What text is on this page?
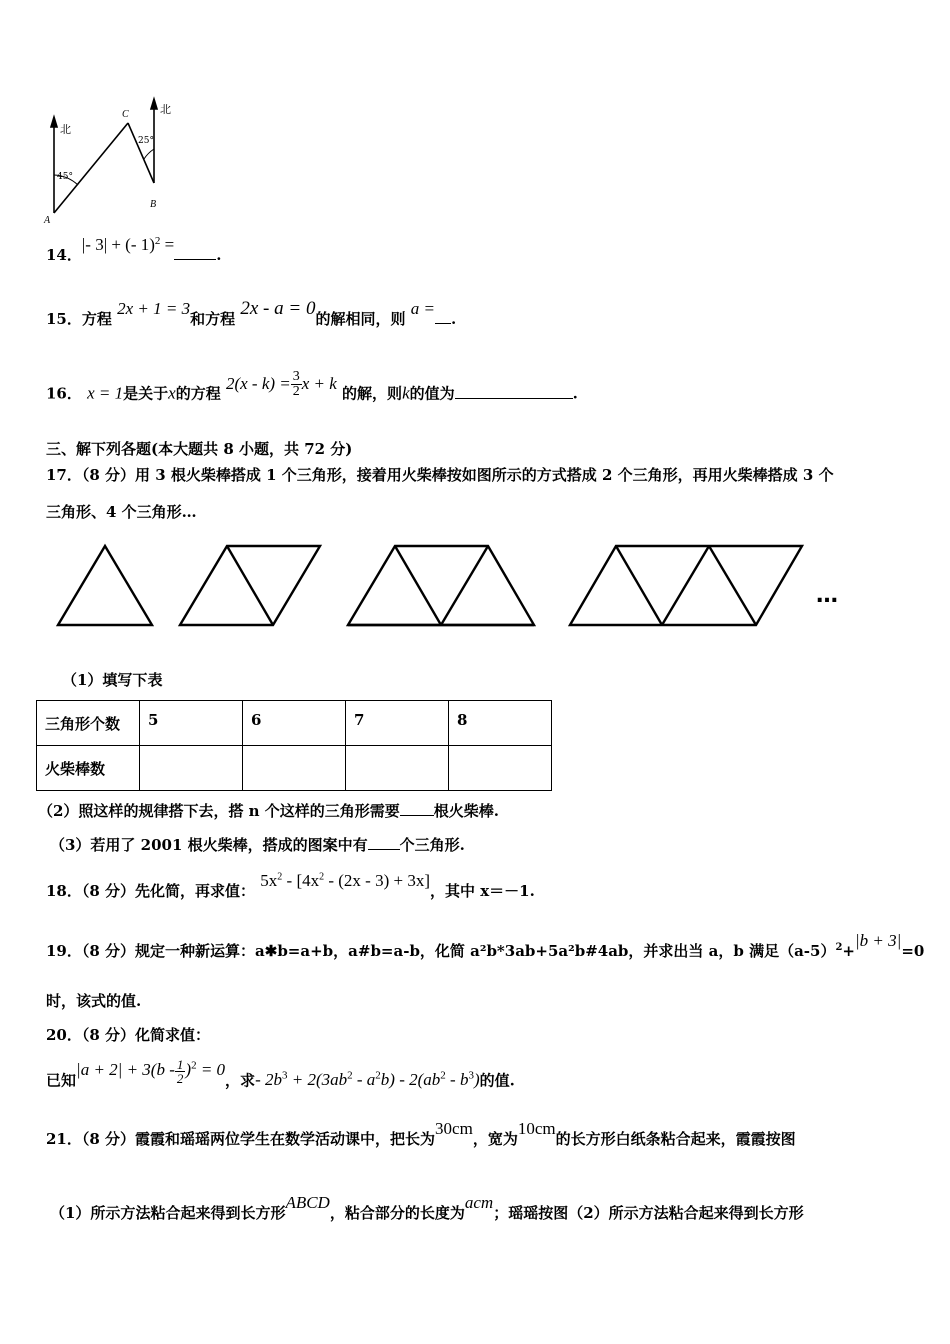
北
北
45°
25°
A
B
C
14．|- 3| + (- 1)$^2$ =.
15．方程 2x + 1 = 3和方程 2x - a = 0的解相同，则 a =.
16． x = 1是关于x的方程 $2(x - k) = \frac{3}{2}$ x + k 的解，则k的值为	.
三、解下列各题(本大题共 8 小题，共 72 分)
17．（8 分）用 3 根火柴棒搭成 1 个三角形，接着用火柴棒按如图所示的方式搭成 2 个三角形，再用火柴棒搭成 3 个
三角形、4 个三角形…
…
（1）填写下表
三角形个数	5	6	7	8
火柴棒数				
（2）照这样的规律搭下去，搭 n 个这样的三角形需要 根火柴棒.
（3）若用了 2001 根火柴棒，搭成的图案中有 个三角形.
18．（8 分）先化简，再求值： $5x^2 - [4x^2 - (2x - 3) + 3x]$，其中 x＝－1.
19．（8 分）规定一种新运算：a✱b=a+b，a#b=a-b，化简 a²b*3ab+5a²b#4ab，并求出当 a，b 满足$(a-5)^2+|b + 3|=0$
时，该式的值.
20．（8 分）化简求值：
已知$|a + 2| + 3(b - \frac{1}{2} )^2 = 0$，求- $2b^3 + 2(3ab^2 - a^2b) - 2(ab^2 - b^3)$的值.
21．（8 分）霞霞和瑶瑶两位学生在数学活动课中，把长为30cm，宽为10cm的长方形白纸条粘合起来，霞霞按图
（1）所示方法粘合起来得到长方形ABCD，粘合部分的长度为acm；瑶瑶按图（2）所示方法粘合起来得到长方形
